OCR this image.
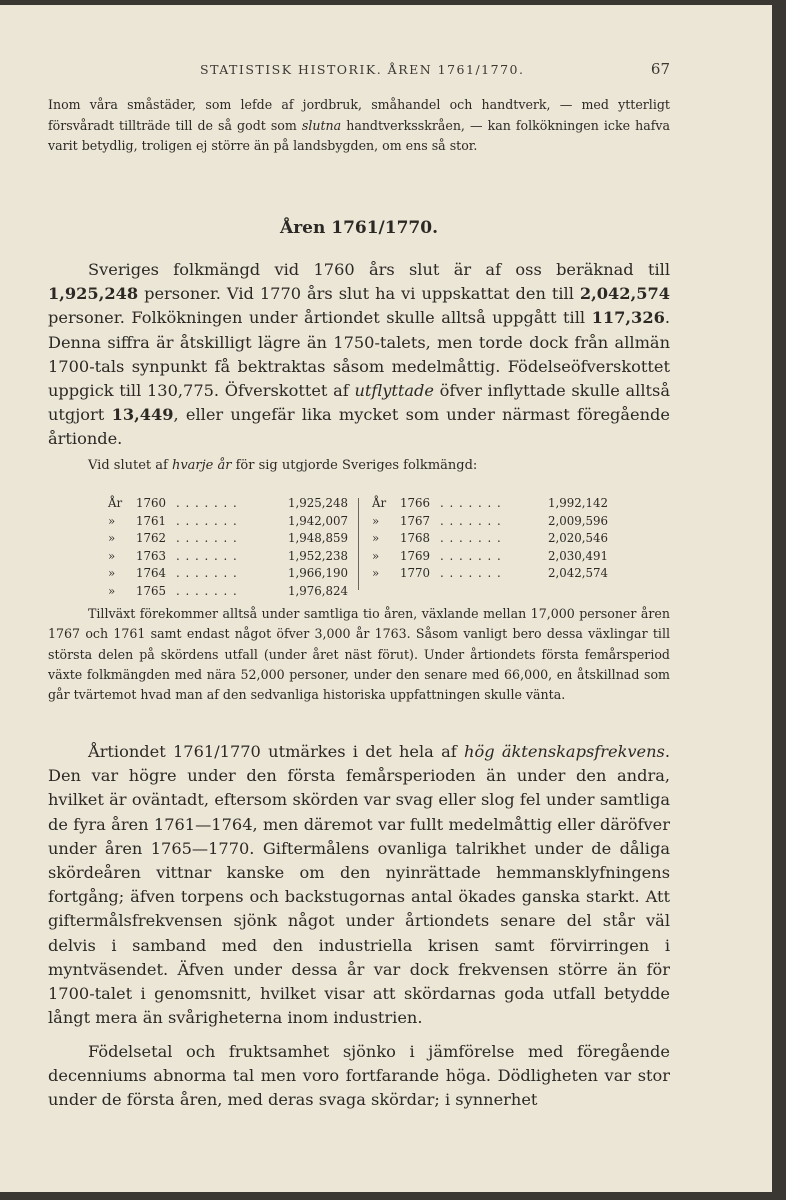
STATISTISK HISTORIK. ÅREN 1761/1770.	67
Inom våra småstäder, som lefde af jordbruk, småhandel och handtverk, — med ytterligt försvåradt tillträde till de så godt som slutna handtverksskråen, — kan folkökningen icke hafva varit betydlig, troligen ej större än på landsbygden, om ens så stor.
Åren 1761/1770.
Sveriges folkmängd vid 1760 års slut är af oss beräknad till 1,925,248 personer. Vid 1770 års slut ha vi uppskattat den till 2,042,574 personer. Folkökningen under årtiondet skulle alltså uppgått till 117,326. Denna siffra är åtskilligt lägre än 1750-talets, men torde dock från allmän 1700-tals synpunkt få bektraktas såsom medelmåttig. Födelseöfverskottet uppgick till 130,775. Öfverskottet af utflyttade öfver inflyttade skulle alltså utgjort 13,449, eller ungefär lika mycket som under närmast föregående årtionde.
Vid slutet af hvarje år för sig utgjorde Sveriges folkmängd:
År 1760 . . . . . . .	1,925,248
» 1761 . . . . . . .	1,942,007
» 1762 . . . . . . .	1,948,859
» 1763 . . . . . . .	1,952,238
» 1764 . . . . . . .	1,966,190
» 1765 . . . . . . .	1,976,824
År 1766 . . . . . . .	1,992,142
» 1767 . . . . . . .	2,009,596
» 1768 . . . . . . .	2,020,546
» 1769 . . . . . . .	2,030,491
» 1770 . . . . . . .	2,042,574
Tillväxt förekommer alltså under samtliga tio åren, växlande mellan 17,000 personer åren 1767 och 1761 samt endast något öfver 3,000 år 1763. Såsom vanligt bero dessa växlingar till största delen på skördens utfall (under året näst förut). Under årtiondets första femårsperiod växte folkmängden med nära 52,000 personer, under den senare med 66,000, en åtskillnad som går tvärtemot hvad man af den sedvanliga historiska uppfattningen skulle vänta.
Årtiondet 1761/1770 utmärkes i det hela af hög äktenskapsfrekvens. Den var högre under den första femårsperioden än under den andra, hvilket är oväntadt, eftersom skörden var svag eller slog fel under samtliga de fyra åren 1761—1764, men däremot var fullt medelmåttig eller däröfver under åren 1765—1770. Giftermålens ovanliga talrikhet under de dåliga skördeåren vittnar kanske om den nyinrättade hemmansklyfningens fortgång; äfven torpens och backstugornas antal ökades ganska starkt. Att giftermålsfrekvensen sjönk något under årtiondets senare del står väl delvis i samband med den industriella krisen samt förvirringen i myntväsendet. Äfven under dessa år var dock frekvensen större än för 1700-talet i genomsnitt, hvilket visar att skördarnas goda utfall betydde långt mera än svårigheterna inom industrien.
Födelsetal och fruktsamhet sjönko i jämförelse med föregående decenniums abnorma tal men voro fortfarande höga. Dödligheten var stor under de första åren, med deras svaga skördar; i synnerhet
